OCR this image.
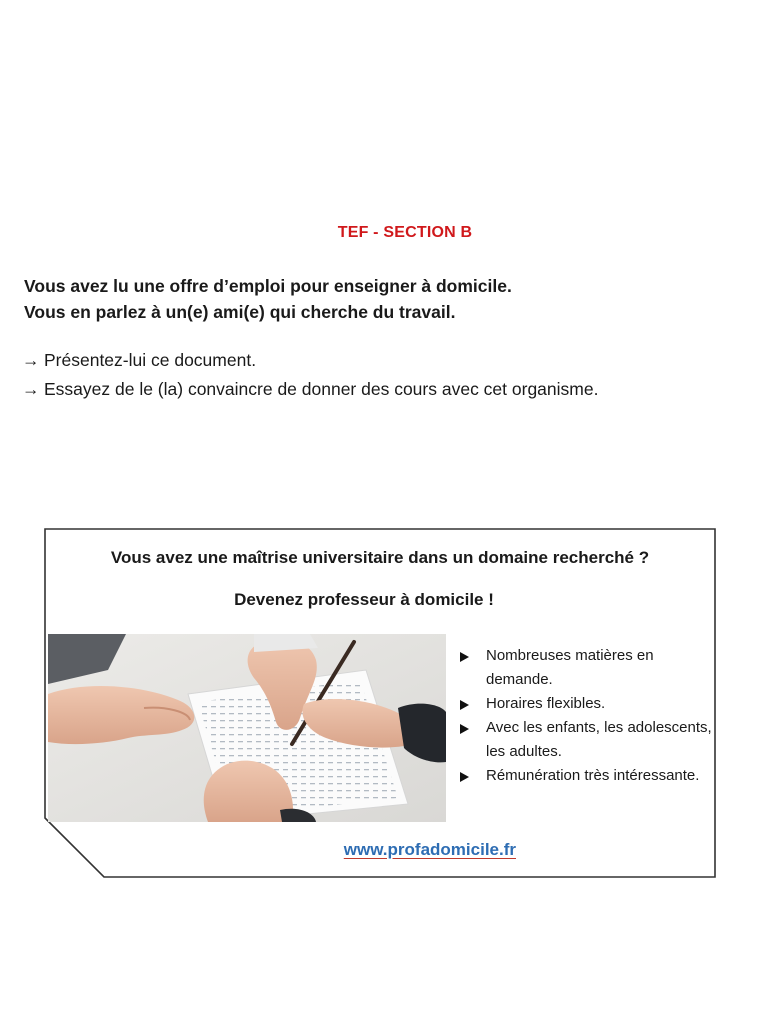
TEF - SECTION B
Vous avez lu une offre d’emploi pour enseigner à domicile.
Vous en parlez à un(e) ami(e) qui cherche du travail.
→ Présentez-lui ce document.
→ Essayez de le (la) convaincre de donner des cours avec cet organisme.
Vous avez une maîtrise universitaire dans un domaine recherché ?
Devenez professeur à domicile !
Nombreuses matières en demande.
Horaires flexibles.
Avec les enfants, les adolescents, les adultes.
Rémunération très intéressante.
www.profadomicile.fr
